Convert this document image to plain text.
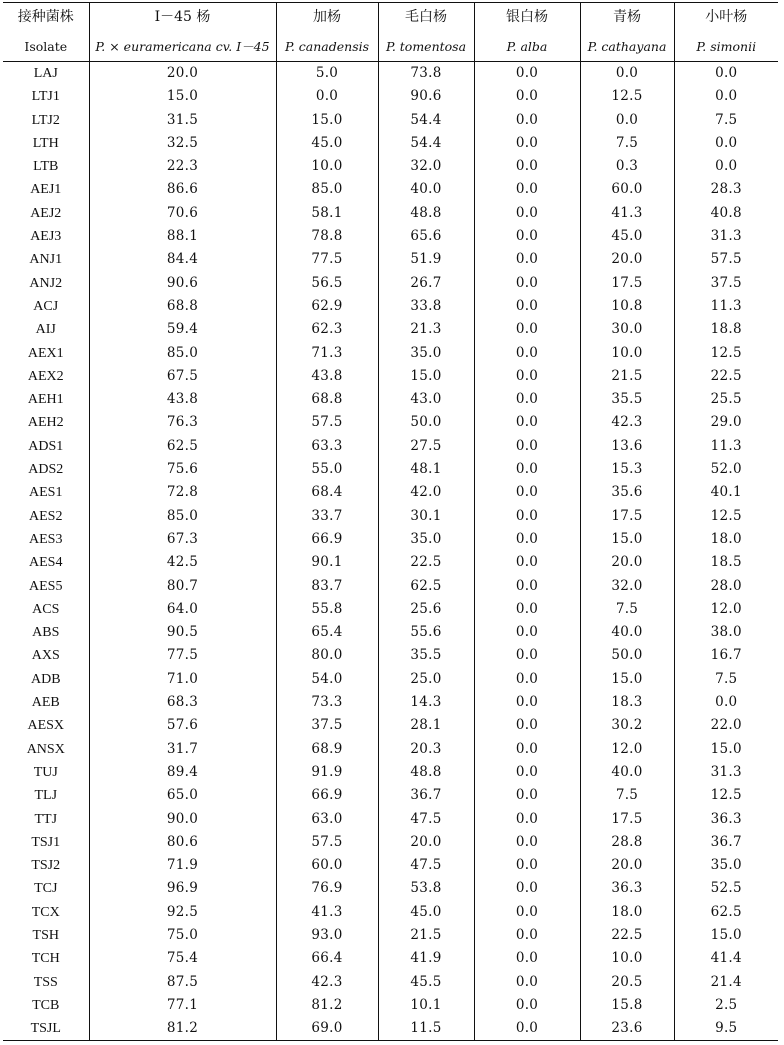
接种菌株	I－45 杨	加杨	毛白杨	银白杨	青杨	小叶杨
Isolate	P. × euramericana cv. I－45	P. canadensis	P. tomentosa	P. alba	P. cathayana	P. simonii
LAJ	20.0	5.0	73.8	0.0	0.0	0.0
LTJ1	15.0	0.0	90.6	0.0	12.5	0.0
LTJ2	31.5	15.0	54.4	0.0	0.0	7.5
LTH	32.5	45.0	54.4	0.0	7.5	0.0
LTB	22.3	10.0	32.0	0.0	0.3	0.0
AEJ1	86.6	85.0	40.0	0.0	60.0	28.3
AEJ2	70.6	58.1	48.8	0.0	41.3	40.8
AEJ3	88.1	78.8	65.6	0.0	45.0	31.3
ANJ1	84.4	77.5	51.9	0.0	20.0	57.5
ANJ2	90.6	56.5	26.7	0.0	17.5	37.5
ACJ	68.8	62.9	33.8	0.0	10.8	11.3
AIJ	59.4	62.3	21.3	0.0	30.0	18.8
AEX1	85.0	71.3	35.0	0.0	10.0	12.5
AEX2	67.5	43.8	15.0	0.0	21.5	22.5
AEH1	43.8	68.8	43.0	0.0	35.5	25.5
AEH2	76.3	57.5	50.0	0.0	42.3	29.0
ADS1	62.5	63.3	27.5	0.0	13.6	11.3
ADS2	75.6	55.0	48.1	0.0	15.3	52.0
AES1	72.8	68.4	42.0	0.0	35.6	40.1
AES2	85.0	33.7	30.1	0.0	17.5	12.5
AES3	67.3	66.9	35.0	0.0	15.0	18.0
AES4	42.5	90.1	22.5	0.0	20.0	18.5
AES5	80.7	83.7	62.5	0.0	32.0	28.0
ACS	64.0	55.8	25.6	0.0	7.5	12.0
ABS	90.5	65.4	55.6	0.0	40.0	38.0
AXS	77.5	80.0	35.5	0.0	50.0	16.7
ADB	71.0	54.0	25.0	0.0	15.0	7.5
AEB	68.3	73.3	14.3	0.0	18.3	0.0
AESX	57.6	37.5	28.1	0.0	30.2	22.0
ANSX	31.7	68.9	20.3	0.0	12.0	15.0
TUJ	89.4	91.9	48.8	0.0	40.0	31.3
TLJ	65.0	66.9	36.7	0.0	7.5	12.5
TTJ	90.0	63.0	47.5	0.0	17.5	36.3
TSJ1	80.6	57.5	20.0	0.0	28.8	36.7
TSJ2	71.9	60.0	47.5	0.0	20.0	35.0
TCJ	96.9	76.9	53.8	0.0	36.3	52.5
TCX	92.5	41.3	45.0	0.0	18.0	62.5
TSH	75.0	93.0	21.5	0.0	22.5	15.0
TCH	75.4	66.4	41.9	0.0	10.0	41.4
TSS	87.5	42.3	45.5	0.0	20.5	21.4
TCB	77.1	81.2	10.1	0.0	15.8	2.5
TSJL	81.2	69.0	11.5	0.0	23.6	9.5
